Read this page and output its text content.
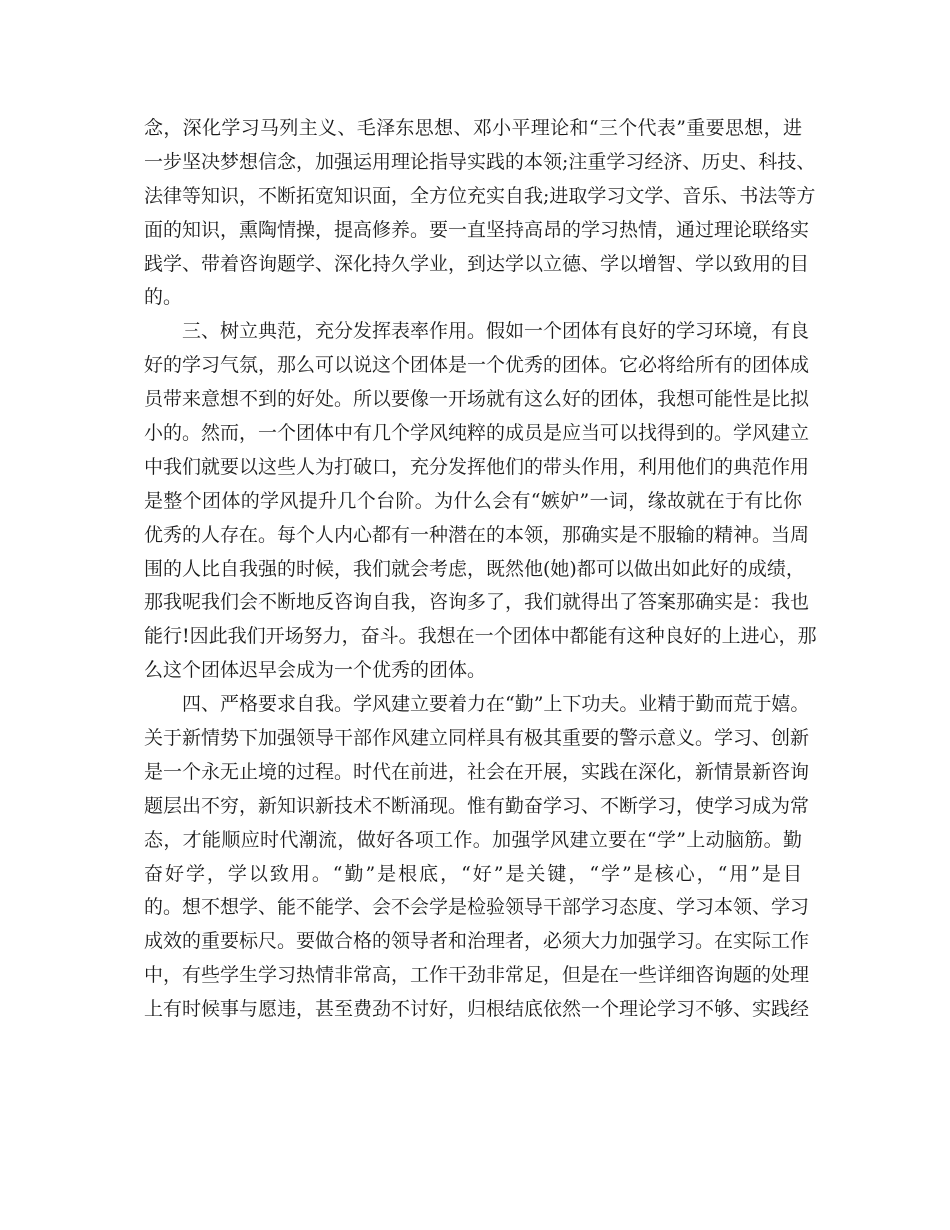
念，深化学习马列主义、毛泽东思想、邓小平理论和“三个代表”重要思想，进
一步坚决梦想信念，加强运用理论指导实践的本领;注重学习经济、历史、科技、
法律等知识，不断拓宽知识面，全方位充实自我;进取学习文学、音乐、书法等方
面的知识，熏陶情操，提高修养。要一直坚持高昂的学习热情，通过理论联络实
践学、带着咨询题学、深化持久学业，到达学以立德、学以增智、学以致用的目
的。
三、树立典范，充分发挥表率作用。假如一个团体有良好的学习环境，有良
好的学习气氛，那么可以说这个团体是一个优秀的团体。它必将给所有的团体成
员带来意想不到的好处。所以要像一开场就有这么好的团体，我想可能性是比拟
小的。然而，一个团体中有几个学风纯粹的成员是应当可以找得到的。学风建立
中我们就要以这些人为打破口，充分发挥他们的带头作用，利用他们的典范作用
是整个团体的学风提升几个台阶。为什么会有“嫉妒”一词，缘故就在于有比你
优秀的人存在。每个人内心都有一种潜在的本领，那确实是不服输的精神。当周
围的人比自我强的时候，我们就会考虑，既然他(她)都可以做出如此好的成绩，
那我呢我们会不断地反咨询自我，咨询多了，我们就得出了答案那确实是：我也
能行!因此我们开场努力，奋斗。我想在一个团体中都能有这种良好的上进心，那
么这个团体迟早会成为一个优秀的团体。
四、严格要求自我。学风建立要着力在“勤”上下功夫。业精于勤而荒于嬉。
关于新情势下加强领导干部作风建立同样具有极其重要的警示意义。学习、创新
是一个永无止境的过程。时代在前进，社会在开展，实践在深化，新情景新咨询
题层出不穷，新知识新技术不断涌现。惟有勤奋学习、不断学习，使学习成为常
态，才能顺应时代潮流，做好各项工作。加强学风建立要在“学”上动脑筋。勤
奋好学，学以致用。“勤”是根底，“好”是关键，“学”是核心，“用”是目
的。想不想学、能不能学、会不会学是检验领导干部学习态度、学习本领、学习
成效的重要标尺。要做合格的领导者和治理者，必须大力加强学习。在实际工作
中，有些学生学习热情非常高，工作干劲非常足，但是在一些详细咨询题的处理
上有时候事与愿违，甚至费劲不讨好，归根结底依然一个理论学习不够、实践经
